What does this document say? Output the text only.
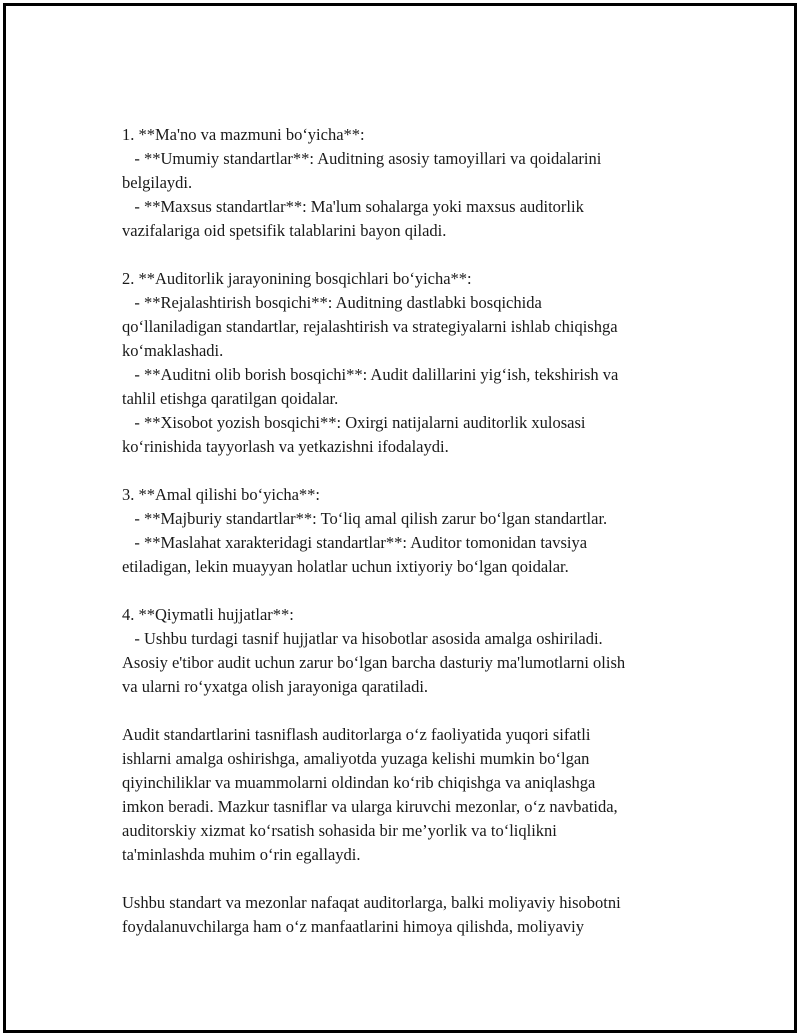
1. **Ma'no va mazmuni bo‘yicha**:
- **Umumiy standartlar**: Auditning asosiy tamoyillari va qoidalarini
belgilaydi.
- **Maxsus standartlar**: Ma'lum sohalarga yoki maxsus auditorlik
vazifalariga oid spetsifik talablarini bayon qiladi.
2. **Auditorlik jarayonining bosqichlari bo‘yicha**:
- **Rejalashtirish bosqichi**: Auditning dastlabki bosqichida
qo‘llaniladigan standartlar, rejalashtirish va strategiyalarni ishlab chiqishga
ko‘maklashadi.
- **Auditni olib borish bosqichi**: Audit dalillarini yig‘ish, tekshirish va
tahlil etishga qaratilgan qoidalar.
- **Xisobot yozish bosqichi**: Oxirgi natijalarni auditorlik xulosasi
ko‘rinishida tayyorlash va yetkazishni ifodalaydi.
3. **Amal qilishi bo‘yicha**:
- **Majburiy standartlar**: To‘liq amal qilish zarur bo‘lgan standartlar.
- **Maslahat xarakteridagi standartlar**: Auditor tomonidan tavsiya
etiladigan, lekin muayyan holatlar uchun ixtiyoriy bo‘lgan qoidalar.
4. **Qiymatli hujjatlar**:
- Ushbu turdagi tasnif hujjatlar va hisobotlar asosida amalga oshiriladi.
Asosiy e'tibor audit uchun zarur bo‘lgan barcha dasturiy ma'lumotlarni olish
va ularni ro‘yxatga olish jarayoniga qaratiladi.
Audit standartlarini tasniflash auditorlarga o‘z faoliyatida yuqori sifatli
ishlarni amalga oshirishga, amaliyotda yuzaga kelishi mumkin bo‘lgan
qiyinchiliklar va muammolarni oldindan ko‘rib chiqishga va aniqlashga
imkon beradi. Mazkur tasniflar va ularga kiruvchi mezonlar, o‘z navbatida,
auditorskiy xizmat ko‘rsatish sohasida bir me’yorlik va to‘liqlikni
ta'minlashda muhim o‘rin egallaydi.
Ushbu standart va mezonlar nafaqat auditorlarga, balki moliyaviy hisobotni
foydalanuvchilarga ham o‘z manfaatlarini himoya qilishda, moliyaviy
